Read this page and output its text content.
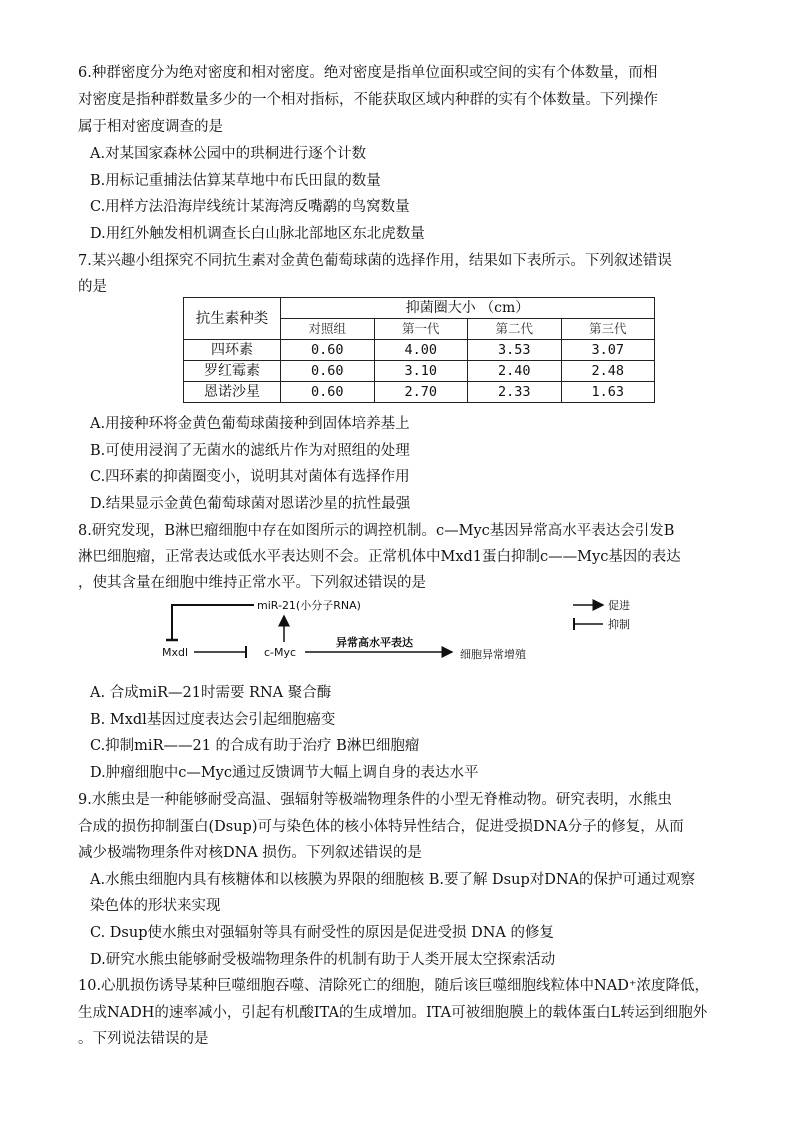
6.种群密度分为绝对密度和相对密度。绝对密度是指单位面积或空间的实有个体数量，而相
对密度是指种群数量多少的一个相对指标，不能获取区域内种群的实有个体数量。下列操作
属于相对密度调查的是
A.对某国家森林公园中的珙桐进行逐个计数
B.用标记重捕法估算某草地中布氏田鼠的数量
C.用样方法沿海岸线统计某海湾反嘴鹬的鸟窝数量
D.用红外触发相机调查长白山脉北部地区东北虎数量
7.某兴趣小组探究不同抗生素对金黄色葡萄球菌的选择作用，结果如下表所示。下列叙述错误
的是
抗生素种类	抑菌圈大小 （cm）			
	对照组	第一代	第二代	第三代
四环素	0.60	4.00	3.53	3.07
罗红霉素	0.60	3.10	2.40	2.48
恩诺沙星	0.60	2.70	2.33	1.63
A.用接种环将金黄色葡萄球菌接种到固体培养基上
B.可使用浸润了无菌水的滤纸片作为对照组的处理
C.四环素的抑菌圈变小，说明其对菌体有选择作用
D.结果显示金黄色葡萄球菌对恩诺沙星的抗性最强
8.研究发现，B淋巴瘤细胞中存在如图所示的调控机制。c—Myc基因异常高水平表达会引发B
淋巴细胞瘤，正常表达或低水平表达则不会。正常机体中Mxd1蛋白抑制c——Myc基因的表达
，使其含量在细胞中维持正常水平。下列叙述错误的是
miR-21(小分子RNA)
Mxdl	c-Myc
异常高水平表达
细胞异常增殖
促进
抑制
A. 合成miR—21时需要 RNA 聚合酶
B. Mxdl基因过度表达会引起细胞癌变
C.抑制miR——21 的合成有助于治疗 B淋巴细胞瘤
D.肿瘤细胞中c—Myc通过反馈调节大幅上调自身的表达水平
9.水熊虫是一种能够耐受高温、强辐射等极端物理条件的小型无脊椎动物。研究表明，水熊虫
合成的损伤抑制蛋白(Dsup)可与染色体的核小体特异性结合，促进受损DNA分子的修复，从而
减少极端物理条件对核DNA 损伤。下列叙述错误的是
A.水熊虫细胞内具有核糖体和以核膜为界限的细胞核 B.要了解 Dsup对DNA的保护可通过观察
染色体的形状来实现
C. Dsup使水熊虫对强辐射等具有耐受性的原因是促进受损 DNA 的修复
D.研究水熊虫能够耐受极端物理条件的机制有助于人类开展太空探索活动
10.心肌损伤诱导某种巨噬细胞吞噬、清除死亡的细胞，随后该巨噬细胞线粒体中NAD⁺浓度降低，
生成NADH的速率减小，引起有机酸ITA的生成增加。ITA可被细胞膜上的载体蛋白L转运到细胞外
。下列说法错误的是
